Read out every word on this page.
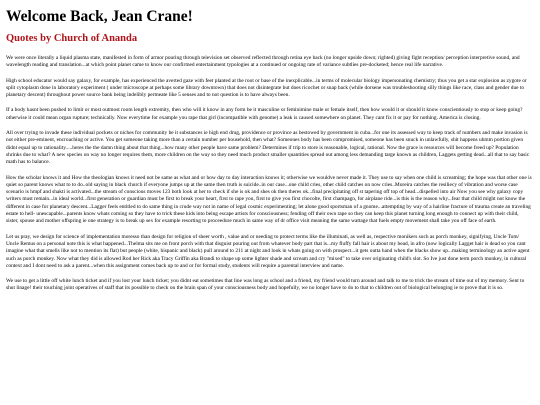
Welcome Back, Jean Crane!
Quotes by Church of Ananda

We were once literally a liquid plasma state, manifested in form of armor pouring through television set observed reflected through retina eye back (no longer upside down; righted) giving fight reception/ perception interpretive sound, and wavelength reading and translation...at which point planet came to know our confirmed entertainment typologies at a continued or ongoing rate of variance subtlies pre-docketed; hence real life narrative.

High school educator would say galaxy, for example, has experienced the averted gaze with feet planted at the root or base of the inexplicable...in terms of molecular biology impersonating chemistry; thus you get a star explosion as zygote or split cytoplasm done in laboratory experiment ( under microscope at perhaps some library downtown) that does not disintegrate but does ricochet or snap back (while dorsene was troubleshooting silly things like race, class and gender due to planetary descent) throughout power source bank being indelibly permeate like 5 senses and to not question is to have always been.

If a body hasnt been pushed to limit or most outmost room length extremity, then who will it know in any form be it masculine or feminimine male or female itself, then how would it or should it know conscientiously to stop or keep going? otherwise it could mean organ rupture; technically. Now everytime for example you rape that girl (incompatible with genome) a leak is caused somewhere on planet. They cant fix it or pay for nothing. America is closing.

All over trying to invade these individual pockets or niches for community be it substances ie high end drug, providence or province as bestowed by government in cuba...for one its assessed way to keep track of numbers and make invasion is not either pre-eminent, encroaching or active. You get someone taking more than a certain number per household, then what? Someones body has been compromised, someone has been snuck in unlawfully, shit happens uhmm portion given didnt equal up to rationality.....heres the the damn thing about that thing...how many other people have same problem? Determines if trip to store is reasonable, logical, rational. Now the grace is resources will become freed up? Population shrinks due to what? A new species on way no longer requires them, more children on the way so they need much product smaller quantities spread out among less demanding targe known as children, Laggets getting dead...all that to say basic math has to balance.

How the scholar knows it and How the theologian knows it need not be same as what and or how day to day interaction knows it; otherwise we wouldve never made it. They use to say when one child is screaming; the hope was that other one is quiet so parent knows what to to do..old saying in black church if everyone jumps up at the same then truth is suicide..in our case...one child cries, other child catches on now cries..Moreira catches the resiliecy of vibration and worse case scenario is hmpf and shakti is activated...the stream of conscious moves 123 both look at her to check if she is ok and shes ok then theres ok...final precipitating off st tapering off top of head...dispelled into air Now you see why galaxy copy writers must remain...in ideal world...first generation or guardian must be first to break your heart, first to rape you, first to give you first chocolte, first champagn, for airplane ride...is this is the reason why...fear that child might not know the different in case for planetary descent...Lagger feels entitled to do same thing in crude way not in name of legal cosmic experimenting; let alone good sportsman of a gnome...attempting by way of a hairline fracture of trauma create an traveling estate to hell- unescapable...parents know whats coming so they have to trick these kids into being escape artists for consciousness; fending off their own rape so they can keep this planet turning long enough to connect up with their child, sister, spouse and mother offspring ie one strategy is to break up sex for example resorting to proceedure much in same way of dr office visit meaning the same wattage that fuels empty movement shall take you off face of earth.

Let us pray, we design for science of implementation moresso than design for religion of sheer worth , value and or needing to protect terms like the illuminati, as well as, respective monikers such as porch monkey, signifying, Uncle Tom/ Uncle Remus on a personal note this is what happened...Thelma sits me on front porch with that disguist pouring out from whatever body part that is...my fluffy fall hair is about my head, in afro (now logically Lagget hair is dead so you cant imagine what that smells like not to mention its flat) but people (white, hispanic and black) pull around to 211 at night and look in whats going on with prospect...it gets outta hand when the blacks show up...making terminology an active agent such as porch monkey. Now what they did is allowed Rod her Rick aka Tracy Griffin aka Brandi to shape up some lighter shade and scream and cry "mixed" to take over originating child's slot. So Ive just done term porch monkey, in cultural context and I dont need to ask a parent...when this assignment comes back up to and or for formal study, students will require a parental interview and name.

We use to get a little off white lunch ticket and if you lost your lunch ticket; you didnt eat sometimes that line was long as school and a friend, my friend would turn around and talk to me to trick the stream of time out of my memory. Sent to shut linage! their touching joint operatives of staff that its possible to check on the brain span of your consciousness body and hopefully, we no longer have to do to that to children out of biological belonging ie to prove that it is so.
